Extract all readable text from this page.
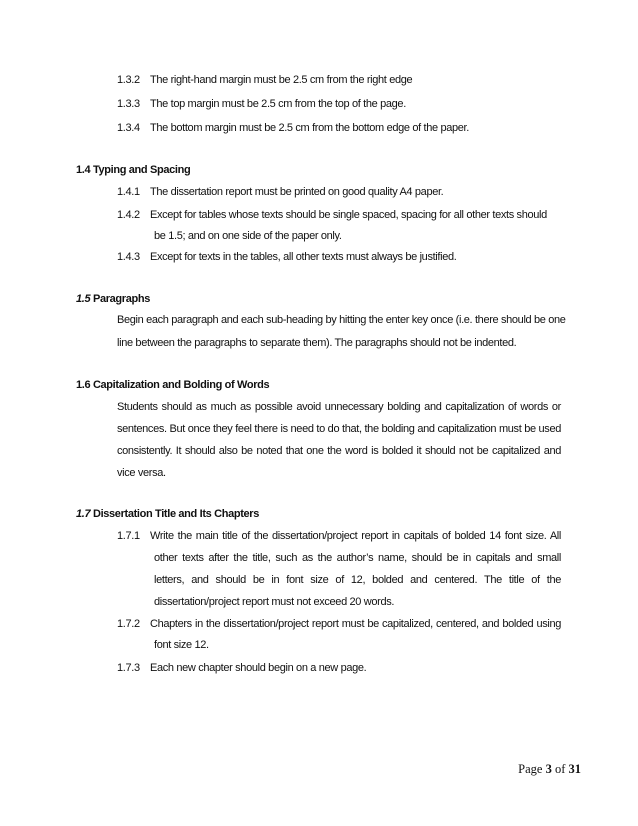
1.3.2 The right-hand margin must be 2.5 cm from the right edge
1.3.3 The top margin must be 2.5 cm from the top of the page.
1.3.4 The bottom margin must be 2.5 cm from the bottom edge of the paper.
1.4 Typing and Spacing
1.4.1 The dissertation report must be printed on good quality A4 paper.
1.4.2 Except for tables whose texts should be single spaced, spacing for all other texts should
be 1.5; and on one side of the paper only.
1.4.3 Except for texts in the tables, all other texts must always be justified.
1.5 Paragraphs
Begin each paragraph and each sub-heading by hitting the enter key once (i.e. there should be one
line between the paragraphs to separate them). The paragraphs should not be indented.
1.6 Capitalization and Bolding of Words
Students should as much as possible avoid unnecessary bolding and capitalization of words or
sentences. But once they feel there is need to do that, the bolding and capitalization must be used
consistently. It should also be noted that one the word is bolded it should not be capitalized and
vice versa.
1.7 Dissertation Title and Its Chapters
1.7.1 Write the main title of the dissertation/project report in capitals of bolded 14 font size. All
other texts after the title, such as the author’s name, should be in capitals and small
letters, and should be in font size of 12, bolded and centered. The title of the
dissertation/project report must not exceed 20 words.
1.7.2 Chapters in the dissertation/project report must be capitalized, centered, and bolded using
font size 12.
1.7.3 Each new chapter should begin on a new page.
Page 3 of 31
